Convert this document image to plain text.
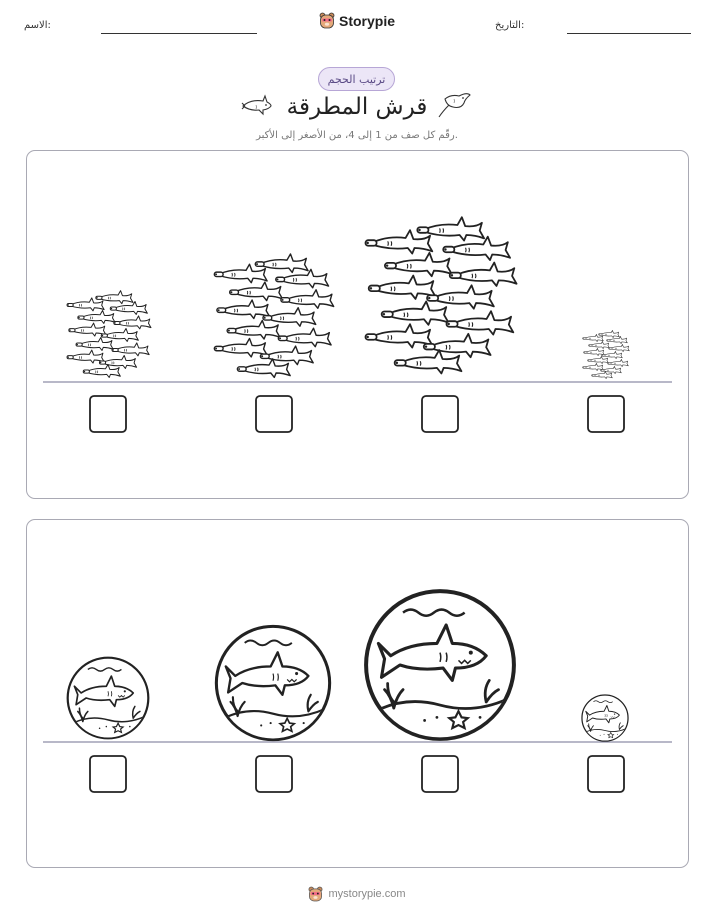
الاسم:	Storypie	التاريخ:
ترتيب الحجم
قرش المطرقة
رقّم كل صف من 1 إلى 4، من الأصغر إلى الأكبر.
mystorypie.com
